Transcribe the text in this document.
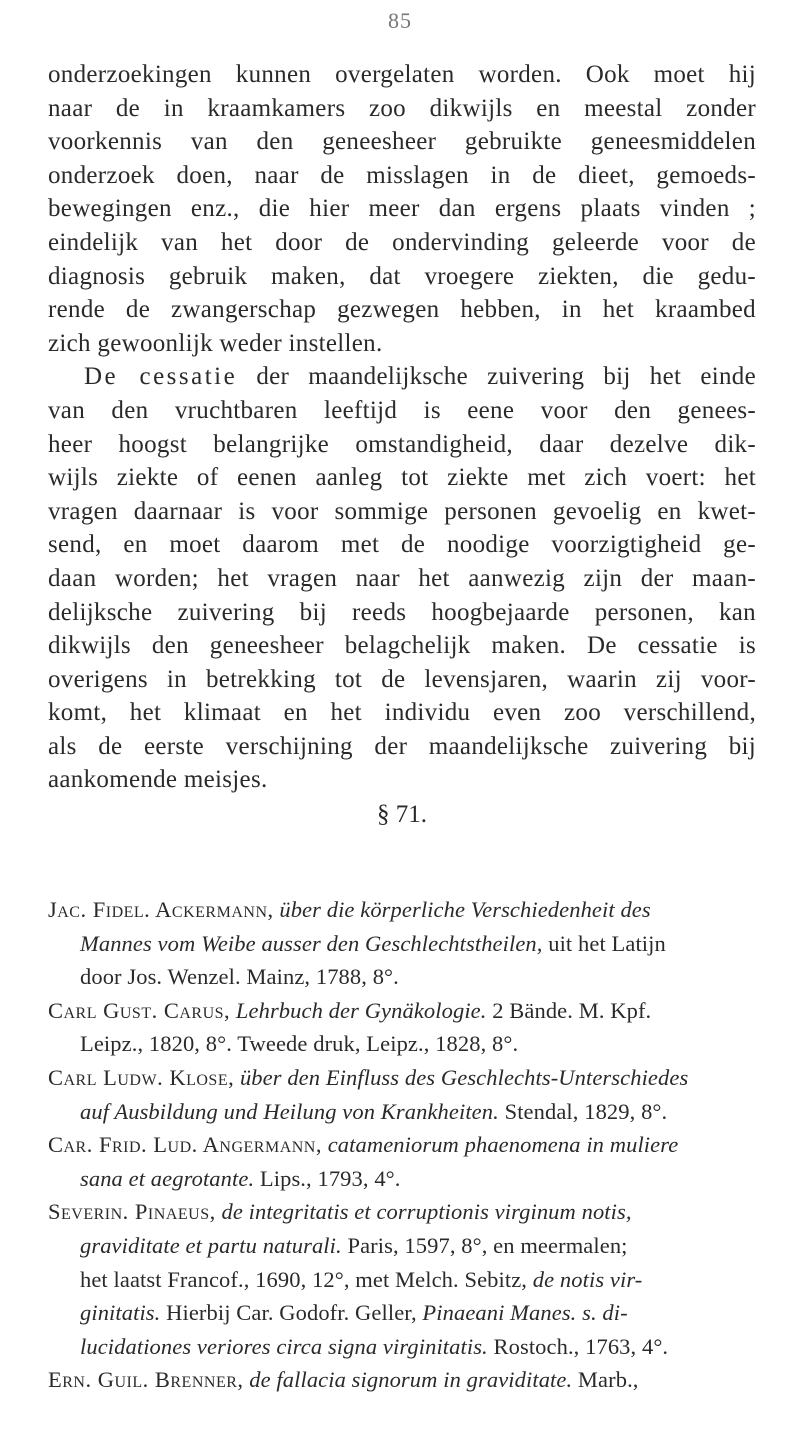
85
onderzoekingen kunnen overgelaten worden. Ook moet hij
naar de in kraamkamers zoo dikwijls en meestal zonder
voorkennis van den geneesheer gebruikte geneesmiddelen
onderzoek doen, naar de misslagen in de dieet, gemoeds-
bewegingen enz., die hier meer dan ergens plaats vinden ;
eindelijk van het door de ondervinding geleerde voor de
diagnosis gebruik maken, dat vroegere ziekten, die gedu-
rende de zwangerschap gezwegen hebben, in het kraambed
zich gewoonlijk weder instellen.
De cessatie der maandelijksche zuivering bij het einde
van den vruchtbaren leeftijd is eene voor den genees-
heer hoogst belangrijke omstandigheid, daar dezelve dik-
wijls ziekte of eenen aanleg tot ziekte met zich voert: het
vragen daarnaar is voor sommige personen gevoelig en kwet-
send, en moet daarom met de noodige voorzigtigheid ge-
daan worden; het vragen naar het aanwezig zijn der maan-
delijksche zuivering bij reeds hoogbejaarde personen, kan
dikwijls den geneesheer belagchelijk maken. De cessatie is
overigens in betrekking tot de levensjaren, waarin zij voor-
komt, het klimaat en het individu even zoo verschillend,
als de eerste verschijning der maandelijksche zuivering bij
aankomende meisjes.
§ 71.
Jac. Fidel. Ackermann, über die körperliche Verschiedenheit des
Mannes vom Weibe ausser den Geschlechtstheilen, uit het Latijn
door Jos. Wenzel. Mainz, 1788, 8°.
Carl Gust. Carus, Lehrbuch der Gynäkologie. 2 Bände. M. Kpf.
Leipz., 1820, 8°. Tweede druk, Leipz., 1828, 8°.
Carl Ludw. Klose, über den Einfluss des Geschlechts-Unterschiedes
auf Ausbildung und Heilung von Krankheiten. Stendal, 1829, 8°.
Car. Frid. Lud. Angermann, catameniorum phaenomena in muliere
sana et aegrotante. Lips., 1793, 4°.
Severin. Pinaeus, de integritatis et corruptionis virginum notis,
graviditate et partu naturali. Paris, 1597, 8°, en meermalen;
het laatst Francof., 1690, 12°, met Melch. Sebitz, de notis vir-
ginitatis. Hierbij Car. Godofr. Geller, Pinaeani Manes. s. di-
lucidationes veriores circa signa virginitatis. Rostoch., 1763, 4°.
Ern. Guil. Brenner, de fallacia signorum in graviditate. Marb.,
